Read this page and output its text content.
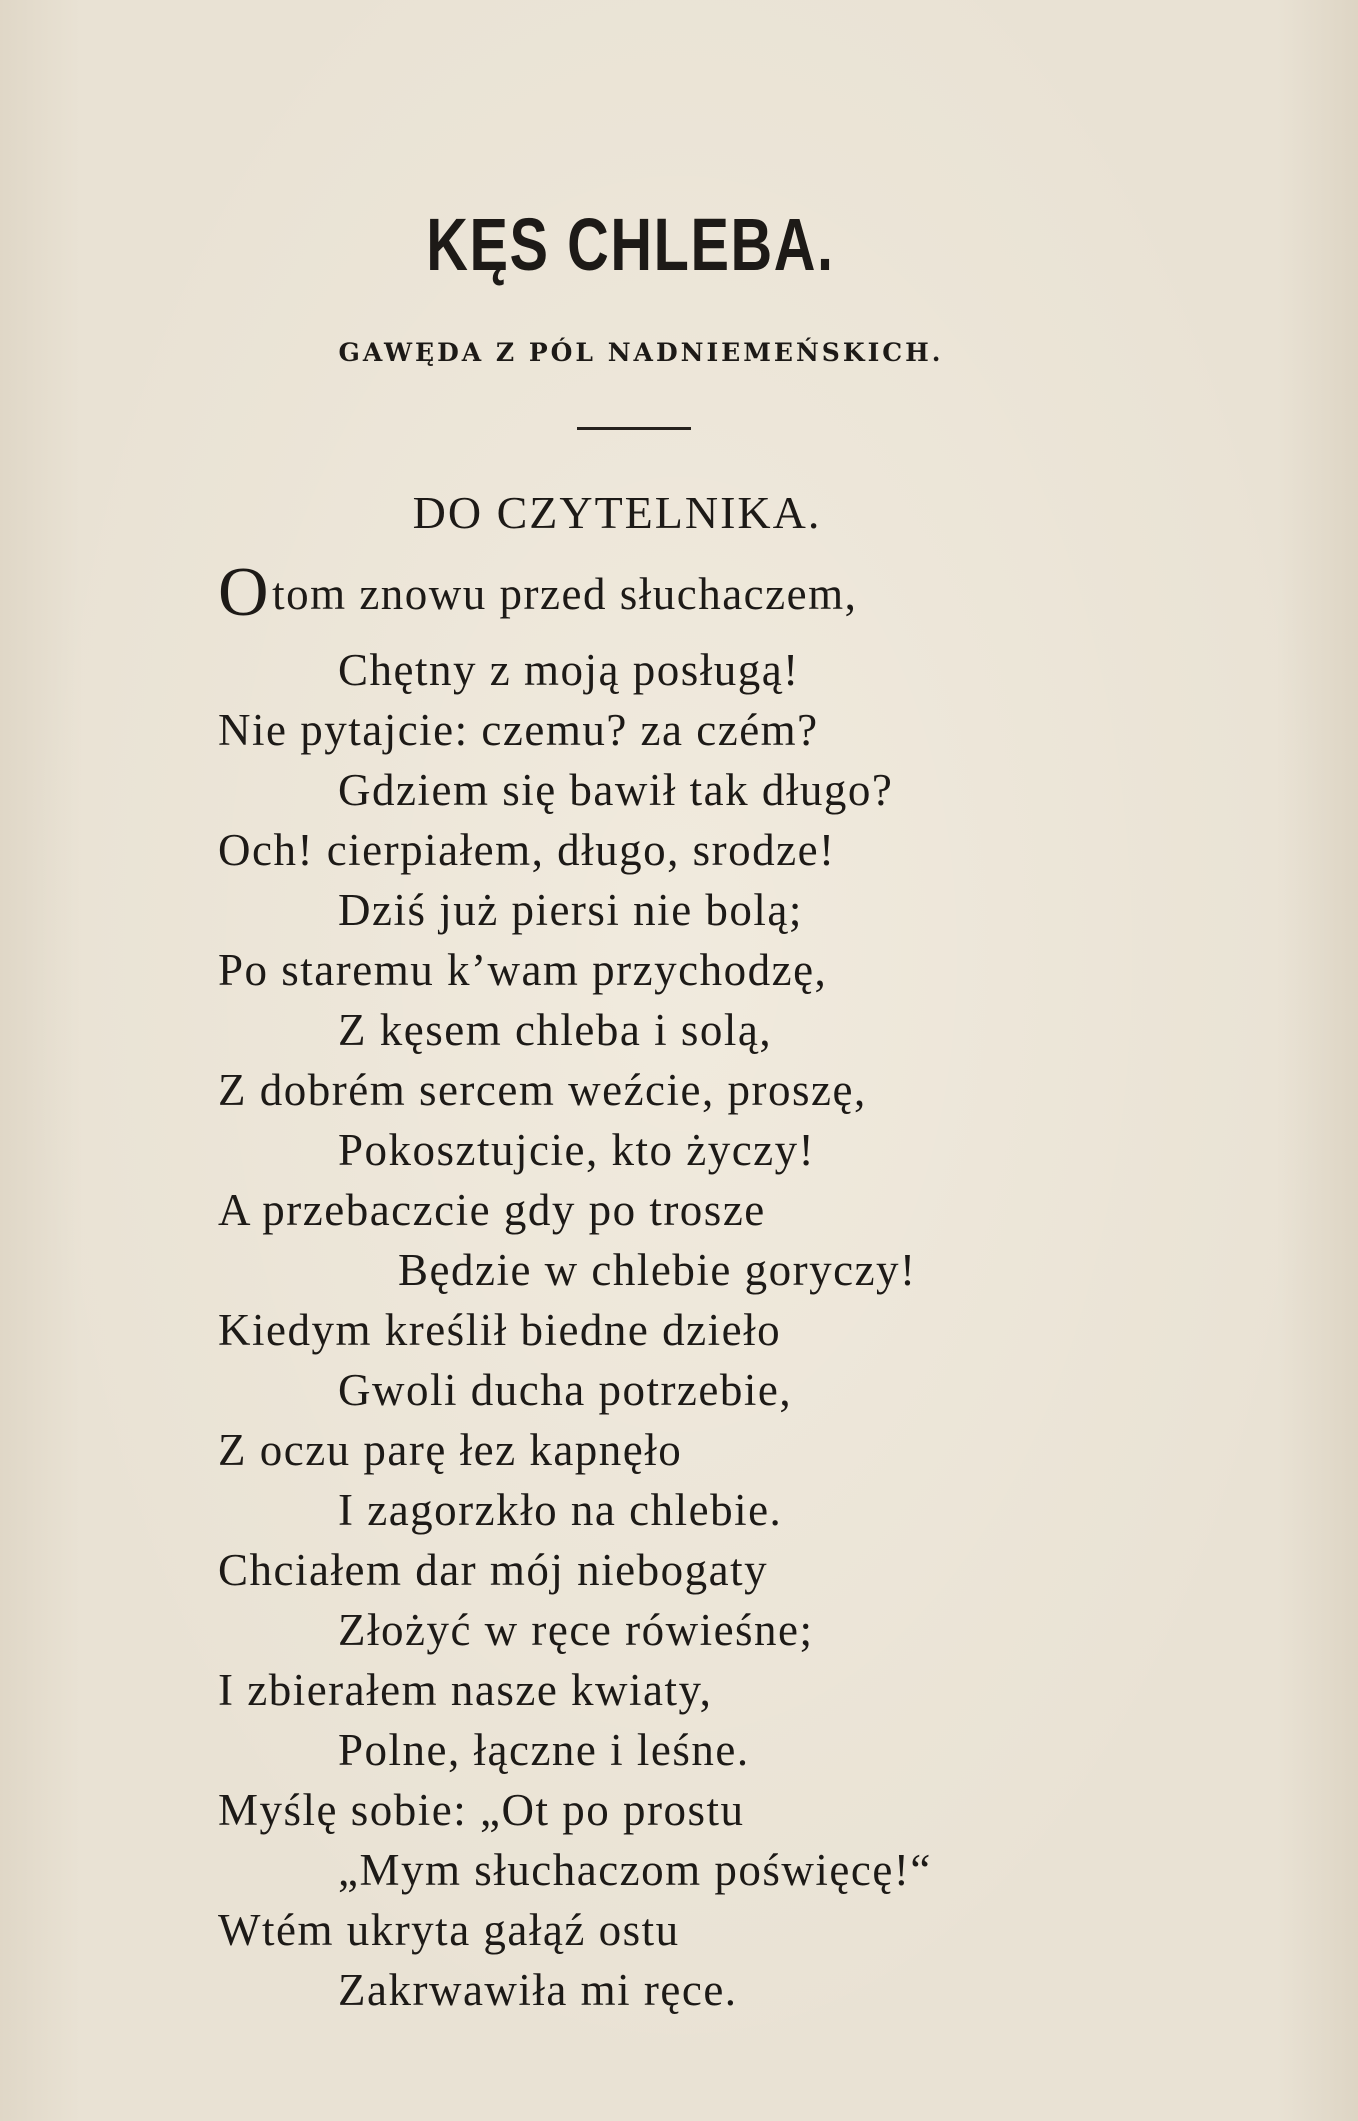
KĘS CHLEBA.
GAWĘDA Z PÓL NADNIEMEŃSKICH.
DO CZYTELNIKA.
Otom znowu przed słuchaczem,
Chętny z moją posługą!
Nie pytajcie: czemu? za czém?
Gdziem się bawił tak długo?
Och! cierpiałem, długo, srodze!
Dziś już piersi nie bolą;
Po staremu k’wam przychodzę,
Z kęsem chleba i solą,
Z dobrém sercem weźcie, proszę,
Pokosztujcie, kto życzy!
A przebaczcie gdy po trosze
Będzie w chlebie goryczy!
Kiedym kreślił biedne dzieło
Gwoli ducha potrzebie,
Z oczu parę łez kapnęło
I zagorzkło na chlebie.
Chciałem dar mój niebogaty
Złożyć w ręce rówieśne;
I zbierałem nasze kwiaty,
Polne, łączne i leśne.
Myślę sobie: „Ot po prostu
„Mym słuchaczom poświęcę!“
Wtém ukryta gałąź ostu
Zakrwawiła mi ręce.
